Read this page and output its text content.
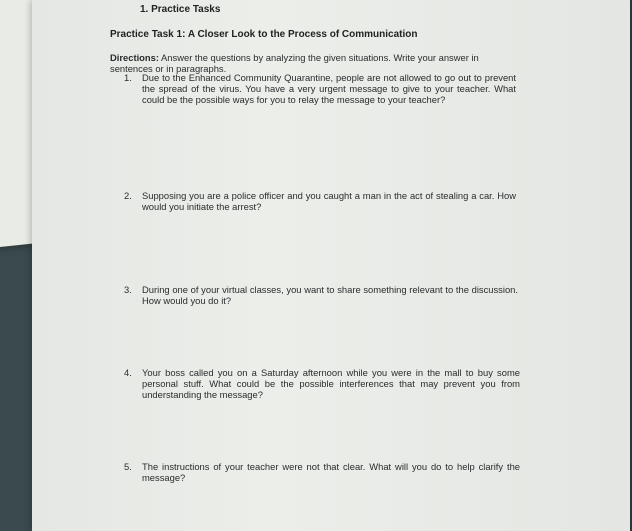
1. Practice Tasks
Practice Task 1: A Closer Look to the Process of Communication
Directions: Answer the questions by analyzing the given situations. Write your answer in sentences or in paragraphs.
1.	Due to the Enhanced Community Quarantine, people are not allowed to go out to prevent the spread of the virus. You have a very urgent message to give to your teacher. What could be the possible ways for you to relay the message to your teacher?
2.	Supposing you are a police officer and you caught a man in the act of stealing a car. How would you initiate the arrest?
3.	During one of your virtual classes, you want to share something relevant to the discussion. How would you do it?
4.	Your boss called you on a Saturday afternoon while you were in the mall to buy some personal stuff. What could be the possible interferences that may prevent you from understanding the message?
5.	The instructions of your teacher were not that clear. What will you do to help clarify the message?
